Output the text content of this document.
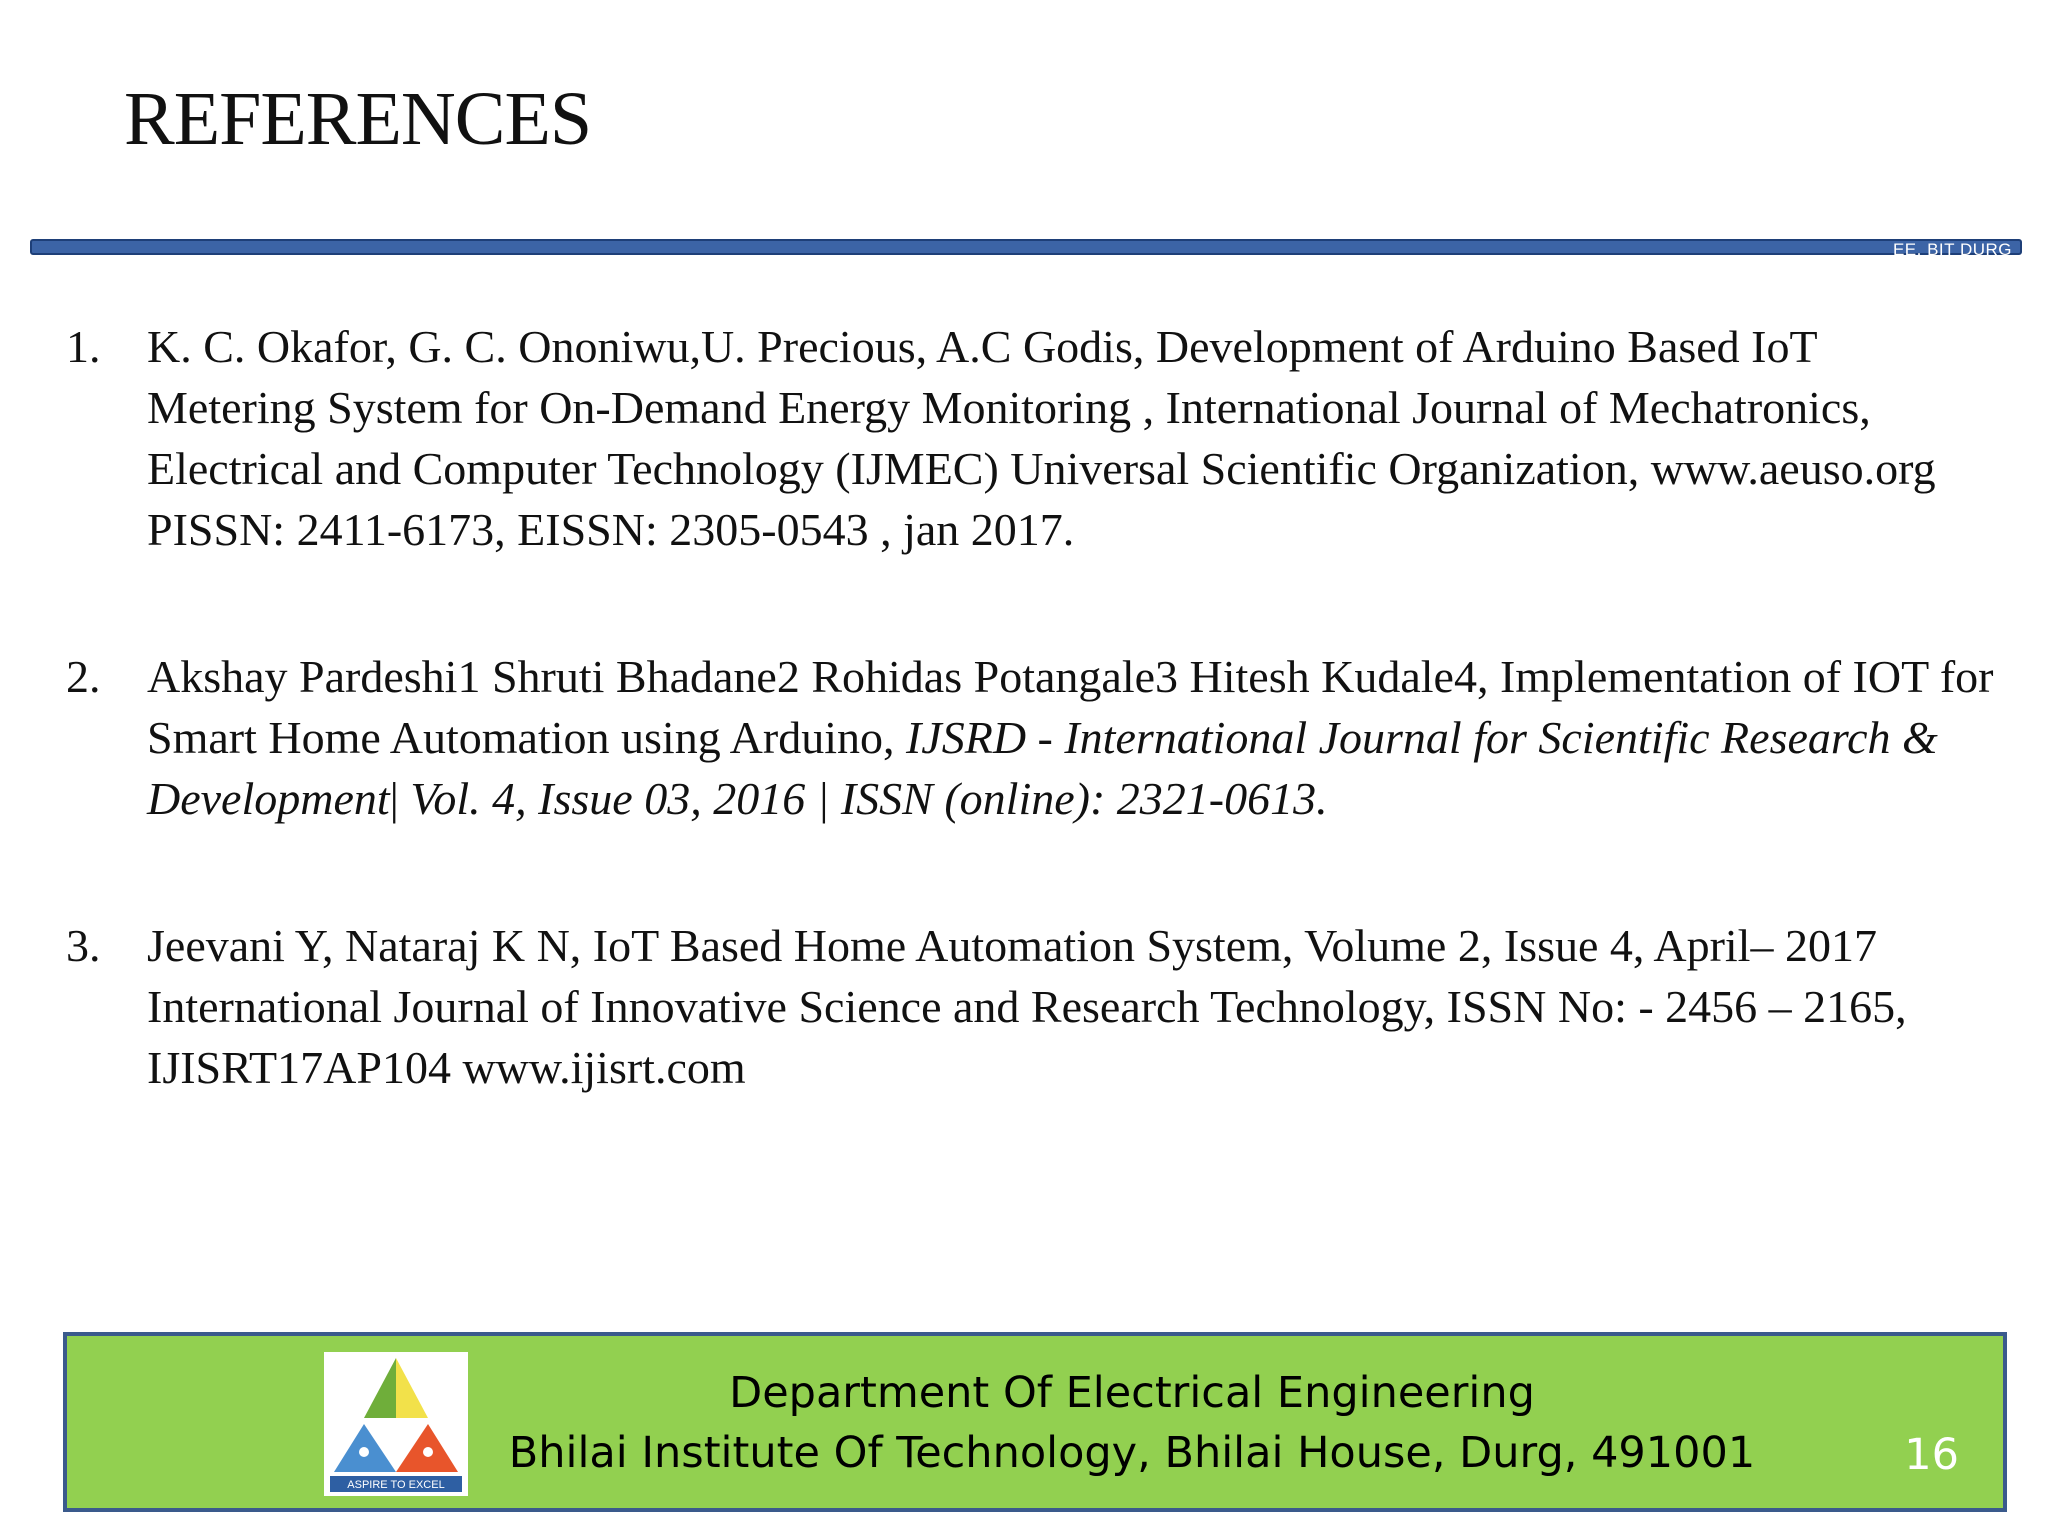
REFERENCES
EE, BIT DURG
1. K. C. Okafor, G. C. Ononiwu,U. Precious, A.C Godis, Development of Arduino Based IoT Metering System for On-Demand Energy Monitoring , International Journal of Mechatronics, Electrical and Computer Technology (IJMEC) Universal Scientific Organization, www.aeuso.org PISSN: 2411-6173, EISSN: 2305-0543 , jan 2017.
2. Akshay Pardeshi1 Shruti Bhadane2 Rohidas Potangale3 Hitesh Kudale4, Implementation of IOT for Smart Home Automation using Arduino, IJSRD - International Journal for Scientific Research & Development| Vol. 4, Issue 03, 2016 | ISSN (online): 2321-0613.
3. Jeevani Y, Nataraj K N, IoT Based Home Automation System, Volume 2, Issue 4, April– 2017 International Journal of Innovative Science and Research Technology, ISSN No: - 2456 – 2165, IJISRT17AP104 www.ijisrt.com
ASPIRE TO EXCEL
Department Of Electrical Engineering
Bhilai Institute Of Technology, Bhilai House, Durg, 491001	16
